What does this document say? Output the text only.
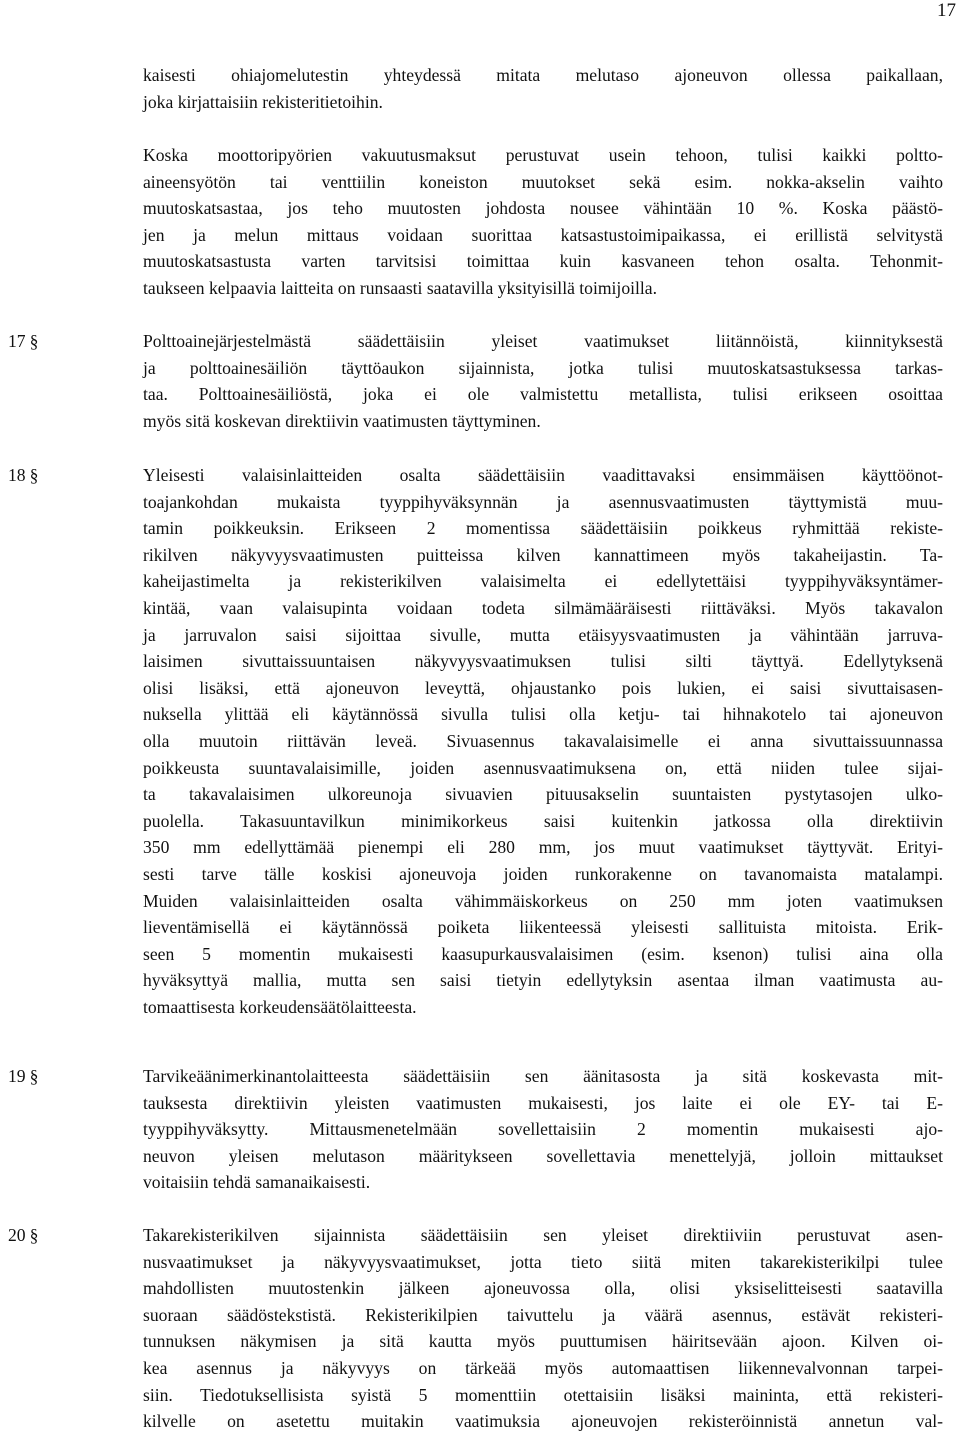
17
kaisesti ohiajomelutestin yhteydessä mitata melutaso ajoneuvon ollessa paikallaan,
joka kirjattaisiin rekisteritietoihin.
Koska moottoripyörien vakuutusmaksut perustuvat usein tehoon, tulisi kaikki poltto-
aineensyötön tai venttiilin koneiston muutokset sekä esim. nokka-akselin vaihto
muutoskatsastaa, jos teho muutosten johdosta nousee vähintään 10 %. Koska päästö-
jen ja melun mittaus voidaan suorittaa katsastustoimipaikassa, ei erillistä selvitystä
muutoskatsastusta varten tarvitsisi toimittaa kuin kasvaneen tehon osalta. Tehonmit-
taukseen kelpaavia laitteita on runsaasti saatavilla yksityisillä toimijoilla.
17 §	Polttoainejärjestelmästä säädettäisiin yleiset vaatimukset liitännöistä, kiinnityksestä
ja polttoainesäiliön täyttöaukon sijainnista, jotka tulisi muutoskatsastuksessa tarkas-
taa. Polttoainesäiliöstä, joka ei ole valmistettu metallista, tulisi erikseen osoittaa
myös sitä koskevan direktiivin vaatimusten täyttyminen.
18 §	Yleisesti valaisinlaitteiden osalta säädettäisiin vaadittavaksi ensimmäisen käyttöönot-
toajankohdan mukaista tyyppihyväksynnän ja asennusvaatimusten täyttymistä muu-
tamin poikkeuksin. Erikseen 2 momentissa säädettäisiin poikkeus ryhmittää rekiste-
rikilven näkyvyysvaatimusten puitteissa kilven kannattimeen myös takaheijastin. Ta-
kaheijastimelta ja rekisterikilven valaisimelta ei edellytettäisi tyyppihyväksyntämer-
kintää, vaan valaisupinta voidaan todeta silmämääräisesti riittäväksi. Myös takavalon
ja jarruvalon saisi sijoittaa sivulle, mutta etäisyysvaatimusten ja vähintään jarruva-
laisimen sivuttaissuuntaisen näkyvyysvaatimuksen tulisi silti täyttyä. Edellytyksenä
olisi lisäksi, että ajoneuvon leveyttä, ohjaustanko pois lukien, ei saisi sivuttaisasen-
nuksella ylittää eli käytännössä sivulla tulisi olla ketju- tai hihnakotelo tai ajoneuvon
olla muutoin riittävän leveä. Sivuasennus takavalaisimelle ei anna sivuttaissuunnassa
poikkeusta suuntavalaisimille, joiden asennusvaatimuksena on, että niiden tulee sijai-
ta takavalaisimen ulkoreunoja sivuavien pituusakselin suuntaisten pystytasojen ulko-
puolella. Takasuuntavilkun minimikorkeus saisi kuitenkin jatkossa olla direktiivin
350 mm edellyttämää pienempi eli 280 mm, jos muut vaatimukset täyttyvät. Erityi-
sesti tarve tälle koskisi ajoneuvoja joiden runkorakenne on tavanomaista matalampi.
Muiden valaisinlaitteiden osalta vähimmäiskorkeus on 250 mm joten vaatimuksen
lieventämisellä ei käytännössä poiketa liikenteessä yleisesti sallituista mitoista. Erik-
seen 5 momentin mukaisesti kaasupurkausvalaisimen (esim. ksenon) tulisi aina olla
hyväksyttyä mallia, mutta sen saisi tietyin edellytyksin asentaa ilman vaatimusta au-
tomaattisesta korkeudensäätölaitteesta.
19 §	Tarvikeäänimerkinantolaitteesta säädettäisiin sen äänitasosta ja sitä koskevasta mit-
tauksesta direktiivin yleisten vaatimusten mukaisesti, jos laite ei ole EY- tai E-
tyyppihyväksytty. Mittausmenetelmään sovellettaisiin 2 momentin mukaisesti ajo-
neuvon yleisen melutason määritykseen sovellettavia menettelyjä, jolloin mittaukset
voitaisiin tehdä samanaikaisesti.
20 §	Takarekisterikilven sijainnista säädettäisiin sen yleiset direktiiviin perustuvat asen-
nusvaatimukset ja näkyvyysvaatimukset, jotta tieto siitä miten takarekisterikilpi tulee
mahdollisten muutostenkin jälkeen ajoneuvossa olla, olisi yksiselitteisesti saatavilla
suoraan säädöstekstistä. Rekisterikilpien taivuttelu ja väärä asennus, estävät rekisteri-
tunnuksen näkymisen ja sitä kautta myös puuttumisen häiritsevään ajoon. Kilven oi-
kea asennus ja näkyvyys on tärkeää myös automaattisen liikennevalvonnan tarpei-
siin. Tiedotuksellisista syistä 5 momenttiin otettaisiin lisäksi maininta, että rekisteri-
kilvelle on asetettu muitakin vaatimuksia ajoneuvojen rekisteröinnistä annetun val-
